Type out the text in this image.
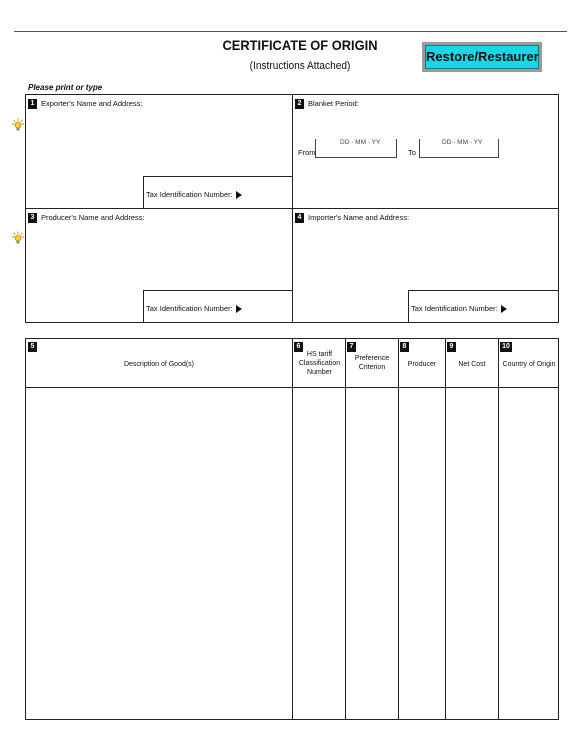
CERTIFICATE OF ORIGIN
(Instructions Attached)
Restore/Restaurer
Please print or type
1 Exporter's Name and Address:
Tax Identification Number:
2 Blanket Period:
From
DD - MM - YY
To
DD - MM - YY
3 Producer's Name and Address:
Tax Identification Number:
4 Importer's Name and Address:
Tax Identification Number:
5
Description of Good(s)
6
HS tariff Classification Number
7
Preference Criterion
8
Producer
9
Net Cost
10
Country of Origin
